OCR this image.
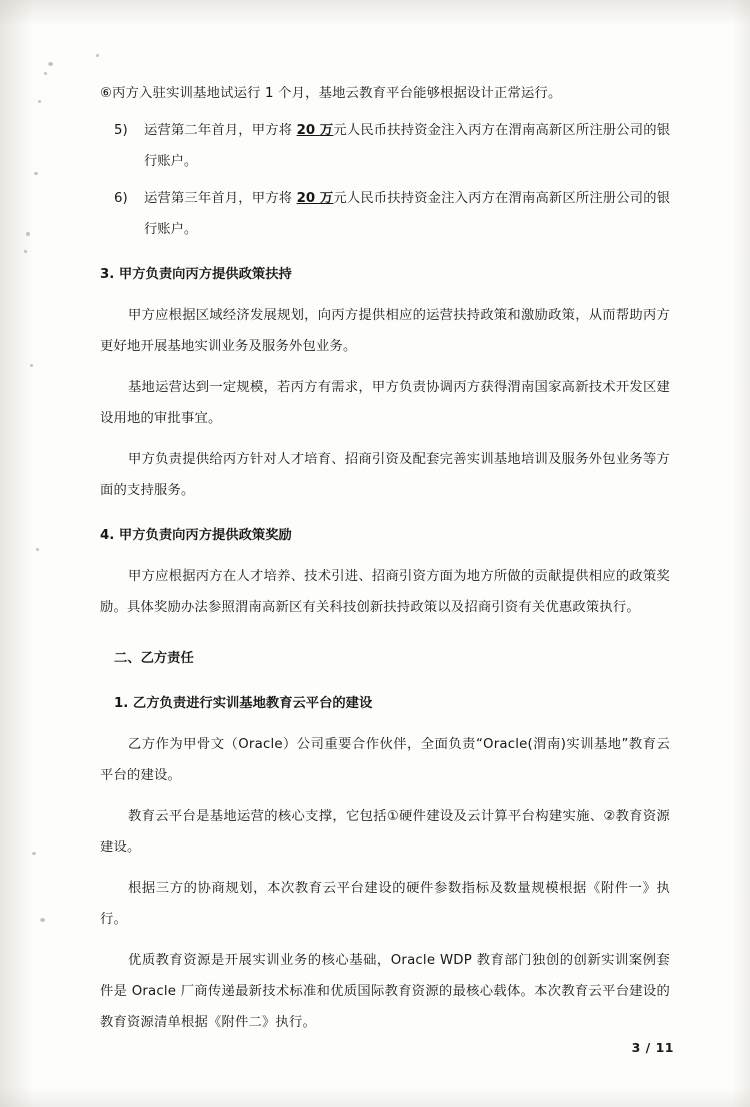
⑥丙方入驻实训基地试运行 1 个月，基地云教育平台能够根据设计正常运行。
5)	运营第二年首月，甲方将 20 万元人民币扶持资金注入丙方在渭南高新区所注册公司的银行账户。
6)	运营第三年首月，甲方将 20 万元人民币扶持资金注入丙方在渭南高新区所注册公司的银行账户。
3. 甲方负责向丙方提供政策扶持
甲方应根据区域经济发展规划，向丙方提供相应的运营扶持政策和激励政策，从而帮助丙方更好地开展基地实训业务及服务外包业务。
基地运营达到一定规模，若丙方有需求，甲方负责协调丙方获得渭南国家高新技术开发区建设用地的审批事宜。
甲方负责提供给丙方针对人才培育、招商引资及配套完善实训基地培训及服务外包业务等方面的支持服务。
4. 甲方负责向丙方提供政策奖励
甲方应根据丙方在人才培养、技术引进、招商引资方面为地方所做的贡献提供相应的政策奖励。具体奖励办法参照渭南高新区有关科技创新扶持政策以及招商引资有关优惠政策执行。
二、乙方责任
1. 乙方负责进行实训基地教育云平台的建设
乙方作为甲骨文（Oracle）公司重要合作伙伴，全面负责“Oracle(渭南)实训基地”教育云平台的建设。
教育云平台是基地运营的核心支撑，它包括①硬件建设及云计算平台构建实施、②教育资源建设。
根据三方的协商规划，本次教育云平台建设的硬件参数指标及数量规模根据《附件一》执行。
优质教育资源是开展实训业务的核心基础，Oracle WDP 教育部门独创的创新实训案例套件是 Oracle 厂商传递最新技术标准和优质国际教育资源的最核心载体。本次教育云平台建设的教育资源清单根据《附件二》执行。
3 / 11
